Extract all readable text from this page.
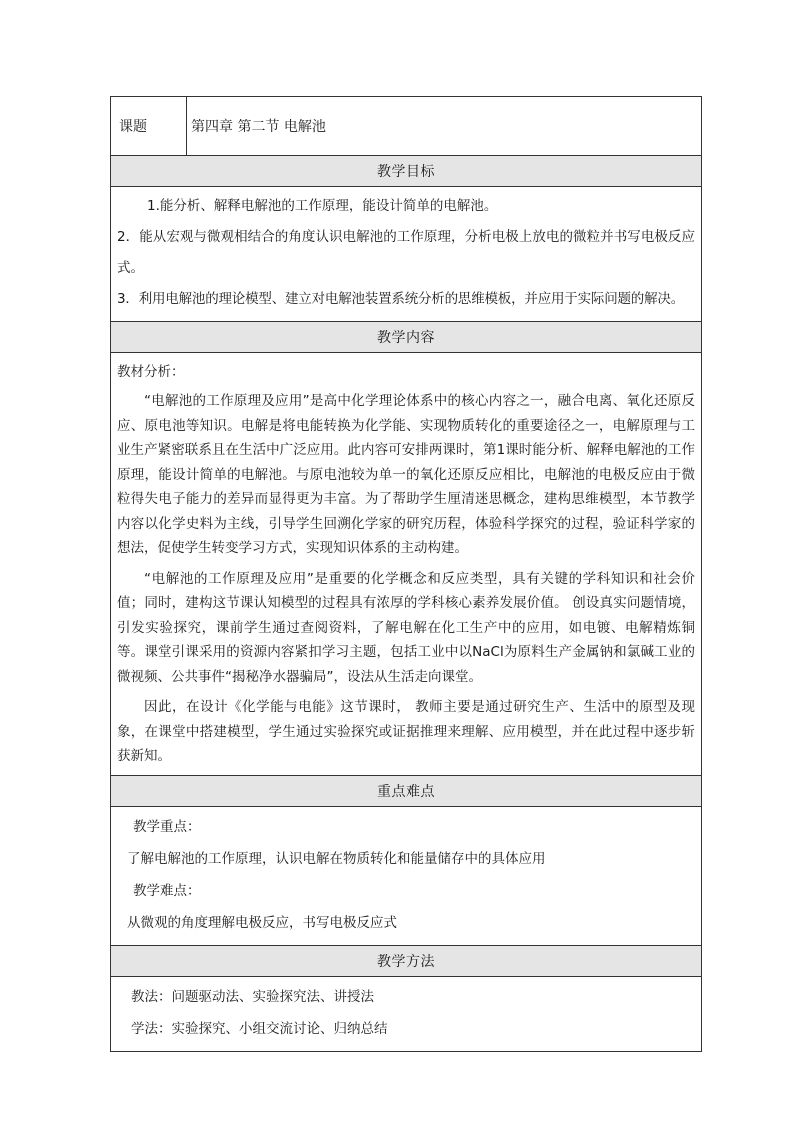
课题	第四章 第二节 电解池
教学目标

1.能分析、解释电解池的工作原理，能设计简单的电解池。

2．能从宏观与微观相结合的角度认识电解池的工作原理，分析电极上放电的微粒并书写电极反应式。

3．利用电解池的理论模型、建立对电解池装置系统分析的思维模板，并应用于实际问题的解决。

教学内容

教材分析：

“电解池的工作原理及应用”是高中化学理论体系中的核心内容之一，融合电离、氧化还原反应、原电池等知识。电解是将电能转换为化学能、实现物质转化的重要途径之一，电解原理与工业生产紧密联系且在生活中广泛应用。此内容可安排两课时，第1课时能分析、解释电解池的工作原理，能设计简单的电解池。与原电池较为单一的氧化还原反应相比，电解池的电极反应由于微粒得失电子能力的差异而显得更为丰富。为了帮助学生厘清迷思概念，建构思维模型，本节教学内容以化学史料为主线，引导学生回溯化学家的研究历程，体验科学探究的过程，验证科学家的想法，促使学生转变学习方式，实现知识体系的主动构建。

“电解池的工作原理及应用”是重要的化学概念和反应类型，具有关键的学科知识和社会价值；同时，建构这节课认知模型的过程具有浓厚的学科核心素养发展价值。 创设真实问题情境，引发实验探究，课前学生通过查阅资料，了解电解在化工生产中的应用，如电镀、电解精炼铜等。课堂引课采用的资源内容紧扣学习主题，包括工业中以NaCl为原料生产金属钠和氯碱工业的微视频、公共事件“揭秘净水器骗局”，设法从生活走向课堂。

因此，在设计《化学能与电能》这节课时， 教师主要是通过研究生产、生活中的原型及现象，在课堂中搭建模型，学生通过实验探究或证据推理来理解、应用模型，并在此过程中逐步斩获新知。

重点难点

教学重点：

了解电解池的工作原理，认识电解在物质转化和能量储存中的具体应用

教学难点：

从微观的角度理解电极反应，书写电极反应式

教学方法

教法：问题驱动法、实验探究法、讲授法

学法：实验探究、小组交流讨论、归纳总结
